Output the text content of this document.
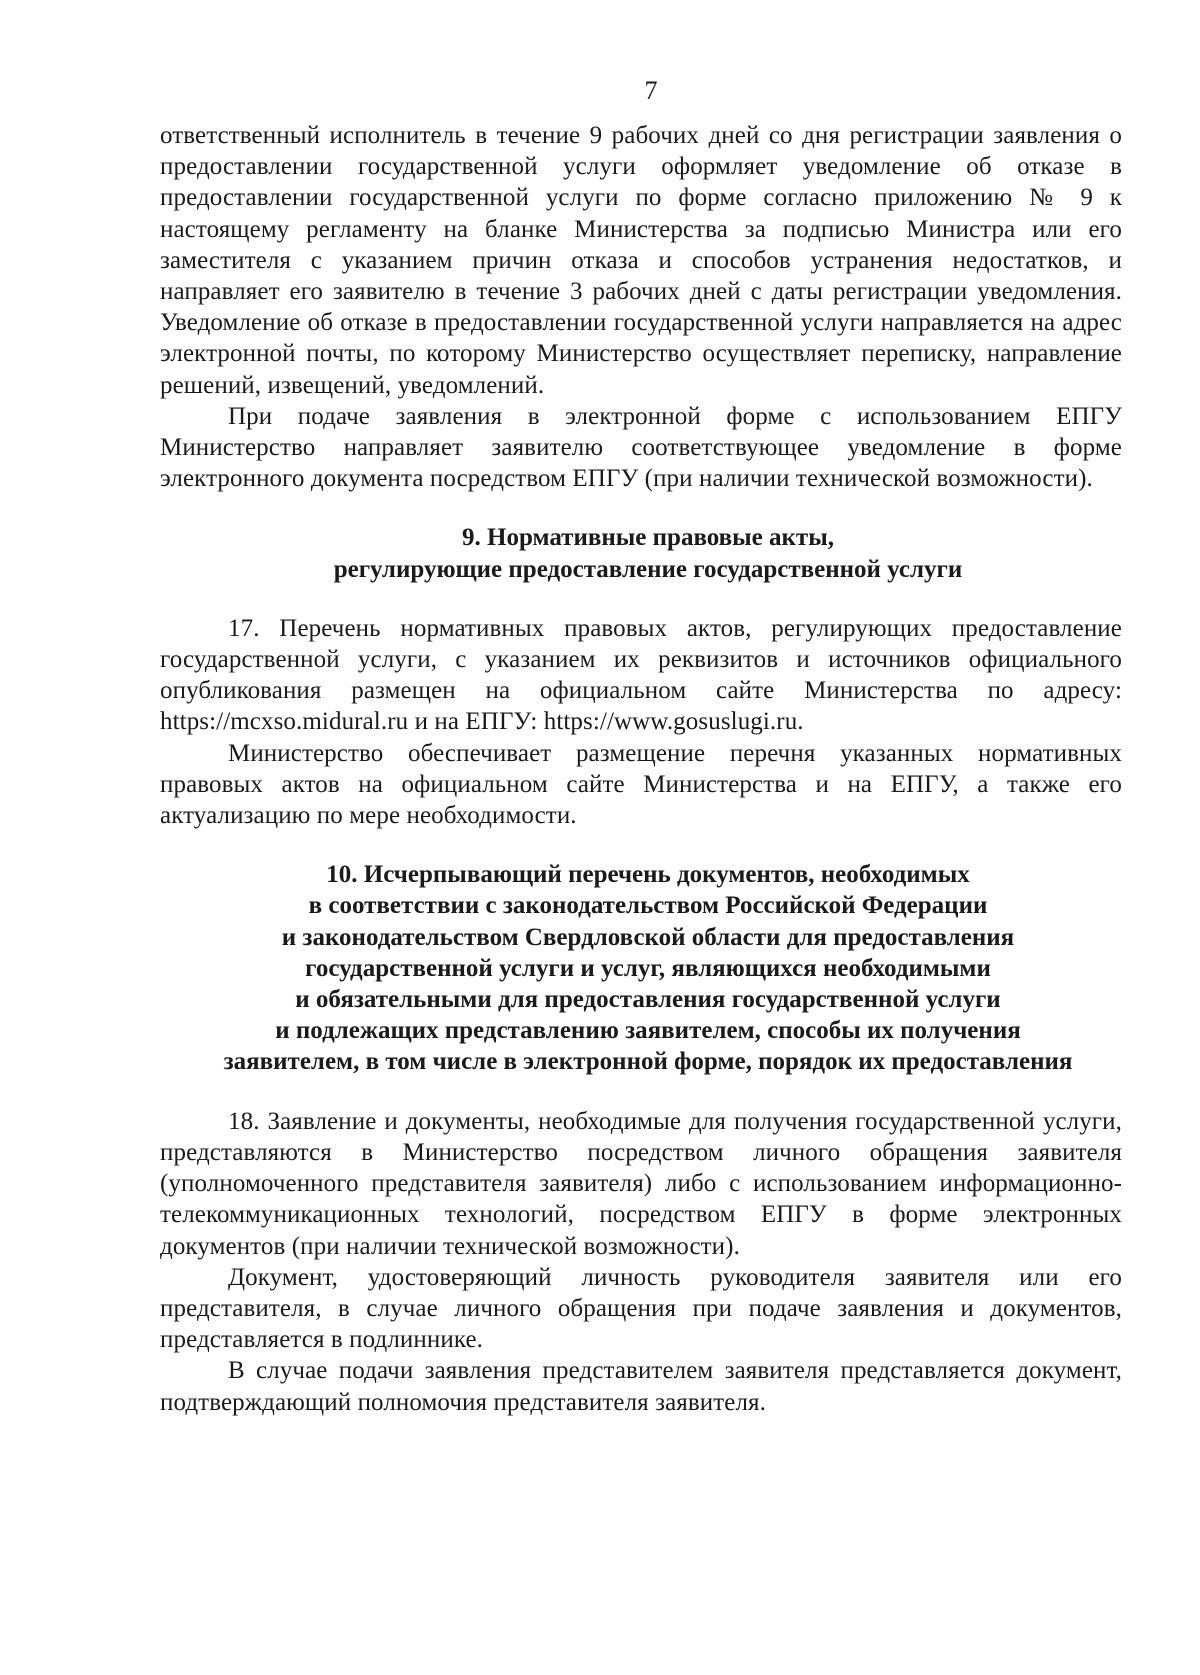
7

ответственный исполнитель в течение 9 рабочих дней со дня регистрации заявления о предоставлении государственной услуги оформляет уведомление об отказе в предоставлении государственной услуги по форме согласно приложению № 9 к настоящему регламенту на бланке Министерства за подписью Министра или его заместителя с указанием причин отказа и способов устранения недостатков, и направляет его заявителю в течение 3 рабочих дней с даты регистрации уведомления. Уведомление об отказе в предоставлении государственной услуги направляется на адрес электронной почты, по которому Министерство осуществляет переписку, направление решений, извещений, уведомлений.

При подаче заявления в электронной форме с использованием ЕПГУ Министерство направляет заявителю соответствующее уведомление в форме электронного документа посредством ЕПГУ (при наличии технической возможности).

9. Нормативные правовые акты,
регулирующие предоставление государственной услуги

17. Перечень нормативных правовых актов, регулирующих предоставление государственной услуги, с указанием их реквизитов и источников официального опубликования размещен на официальном сайте Министерства по адресу: https://mcxso.midural.ru и на ЕПГУ: https://www.gosuslugi.ru.

Министерство обеспечивает размещение перечня указанных нормативных правовых актов на официальном сайте Министерства и на ЕПГУ, а также его актуализацию по мере необходимости.

10. Исчерпывающий перечень документов, необходимых
в соответствии с законодательством Российской Федерации
и законодательством Свердловской области для предоставления
государственной услуги и услуг, являющихся необходимыми
и обязательными для предоставления государственной услуги
и подлежащих представлению заявителем, способы их получения
заявителем, в том числе в электронной форме, порядок их предоставления

18. Заявление и документы, необходимые для получения государственной услуги, представляются в Министерство посредством личного обращения заявителя (уполномоченного представителя заявителя) либо с использованием информационно-телекоммуникационных технологий, посредством ЕПГУ в форме электронных документов (при наличии технической возможности).

Документ, удостоверяющий личность руководителя заявителя или его представителя, в случае личного обращения при подаче заявления и документов, представляется в подлиннике.

В случае подачи заявления представителем заявителя представляется документ, подтверждающий полномочия представителя заявителя.
